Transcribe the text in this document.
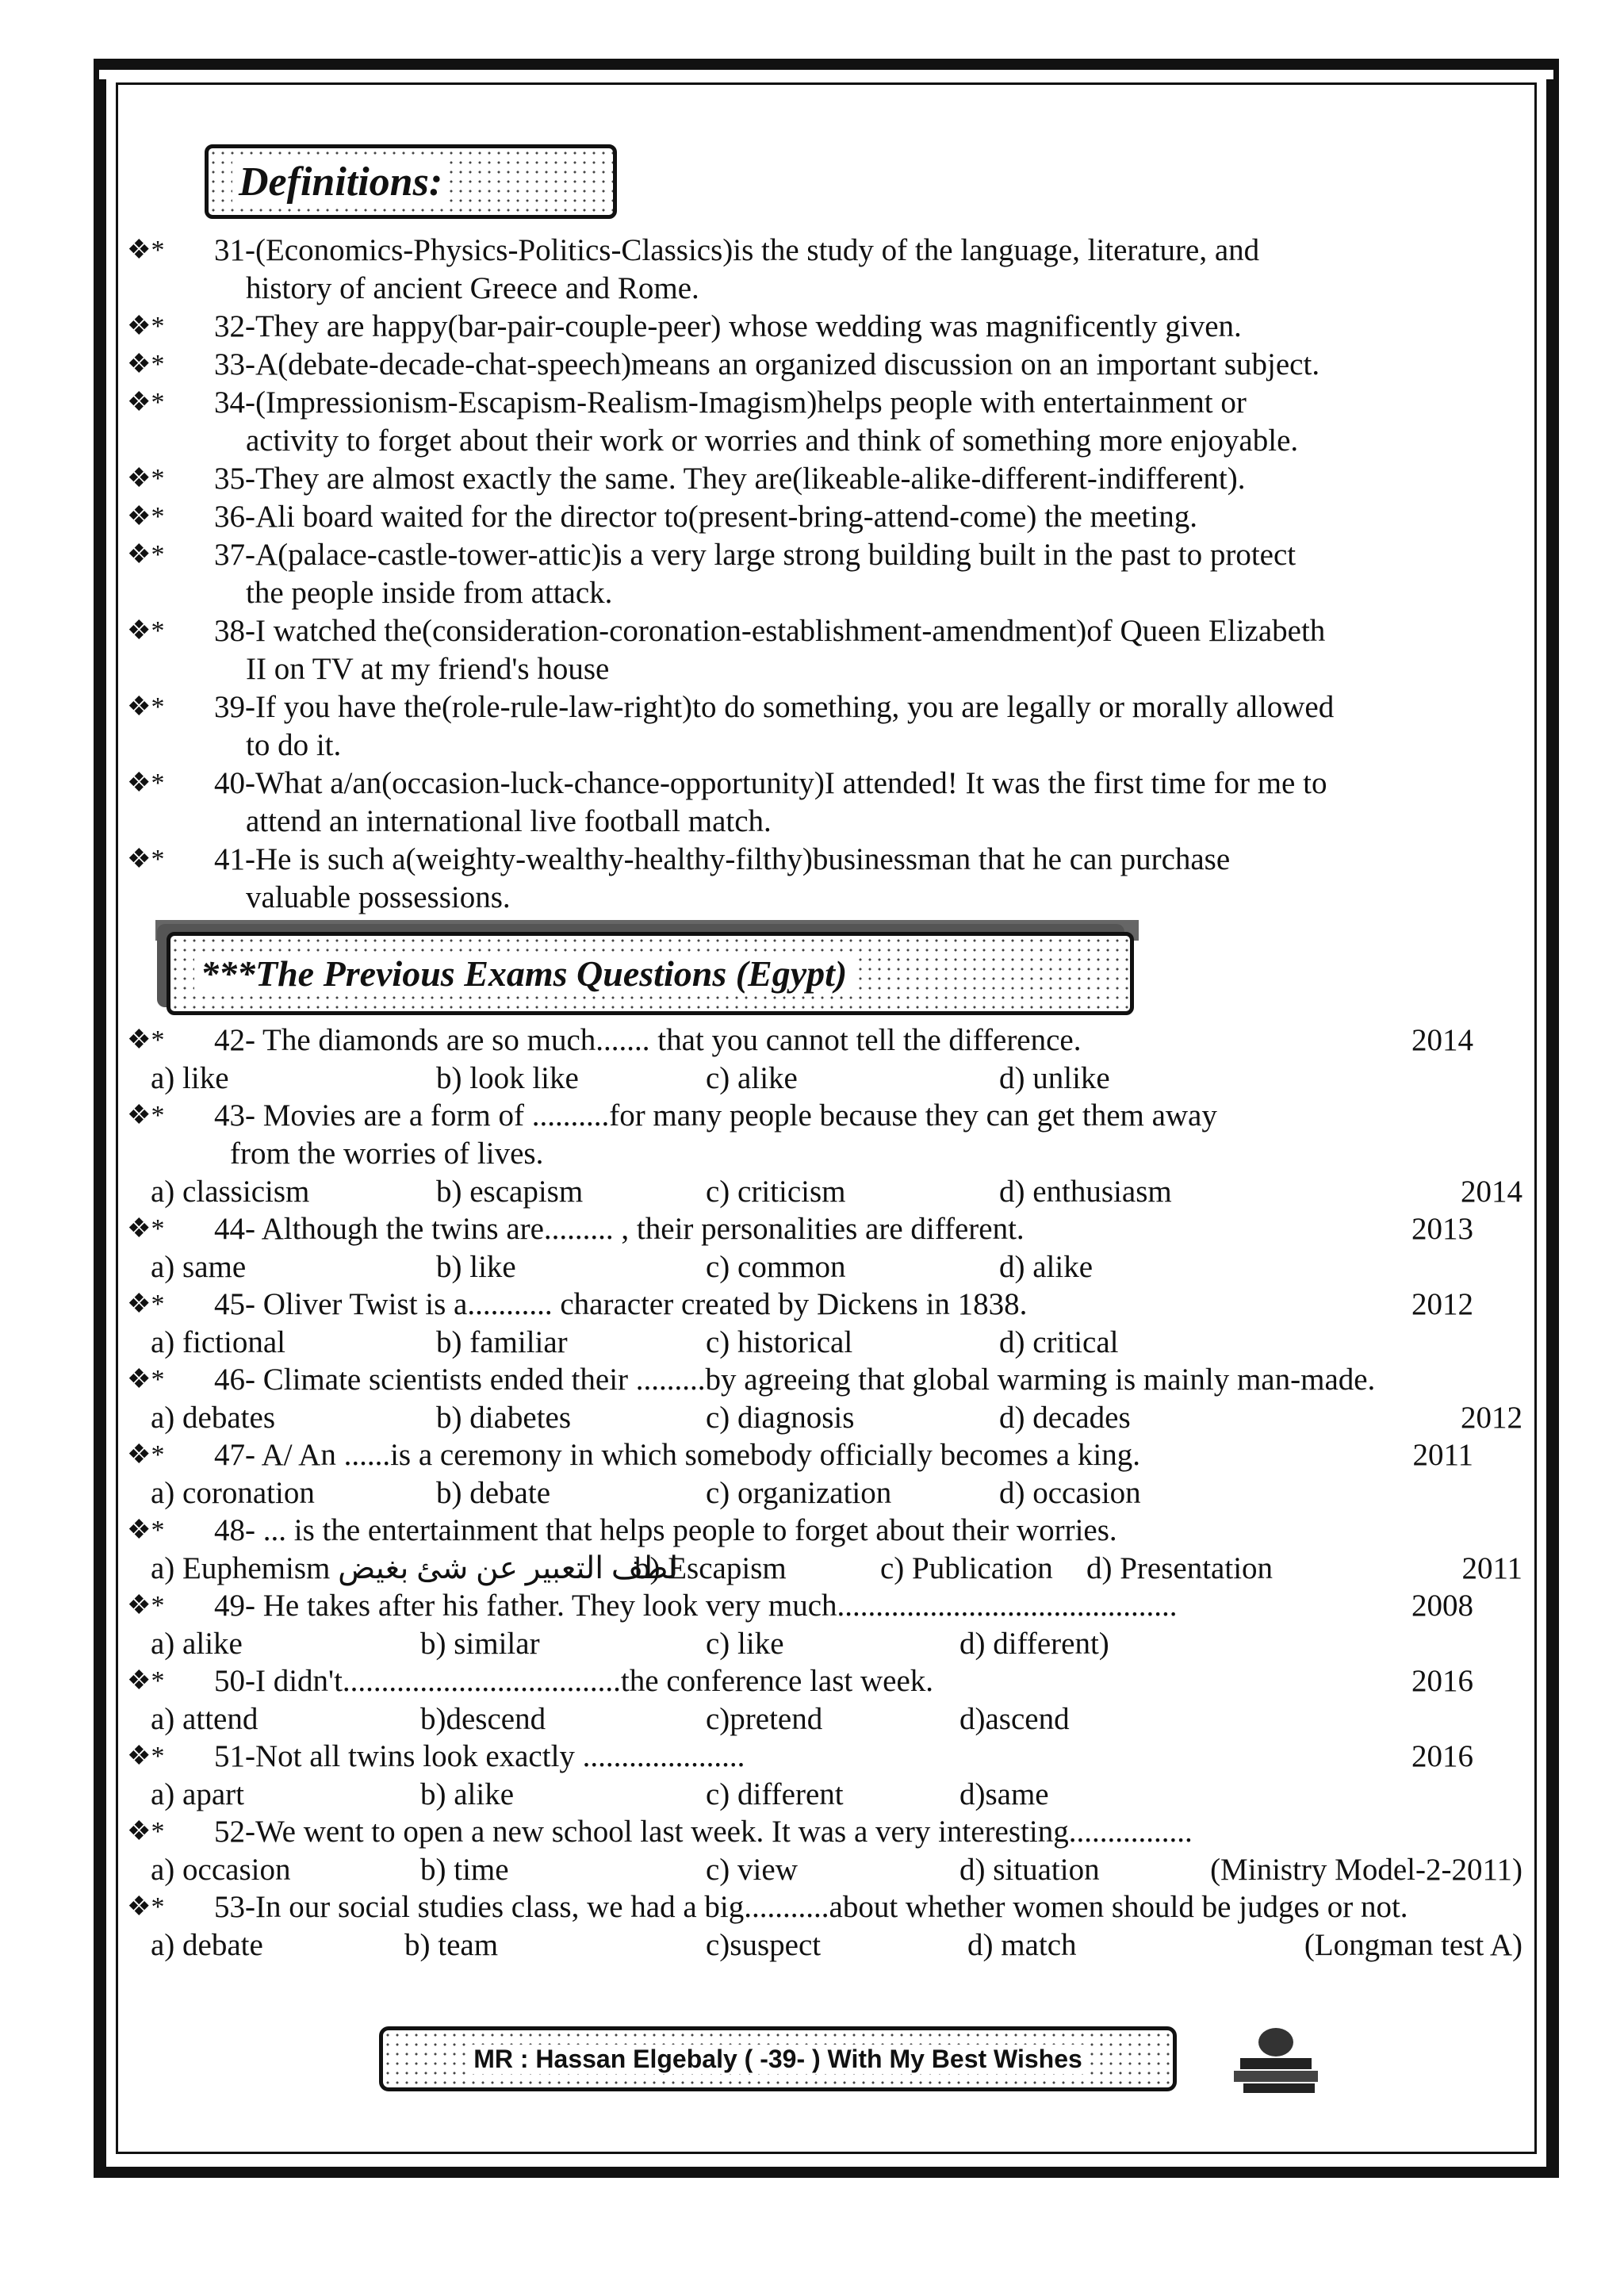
Definitions:
❖*	31-(Economics-Physics-Politics-Classics)is the study of the language, literature, and
history of ancient Greece and Rome.
❖*	32-They are happy(bar-pair-couple-peer) whose wedding was magnificently given.
❖*	33-A(debate-decade-chat-speech)means an organized discussion on an important subject.
❖*	34-(Impressionism-Escapism-Realism-Imagism)helps people with entertainment or
activity to forget about their work or worries and think of something more enjoyable.
❖*	35-They are almost exactly the same. They are(likeable-alike-different-indifferent).
❖*	36-Ali board waited for the director to(present-bring-attend-come) the meeting.
❖*	37-A(palace-castle-tower-attic)is a very large strong building built in the past to protect
the people inside from attack.
❖*	38-I watched the(consideration-coronation-establishment-amendment)of Queen Elizabeth
II on TV at my friend's house
❖*	39-If you have the(role-rule-law-right)to do something, you are legally or morally allowed
to do it.
❖*	40-What a/an(occasion-luck-chance-opportunity)I attended! It was the first time for me to
attend an international live football match.
❖*	41-He is such a(weighty-wealthy-healthy-filthy)businessman that he can purchase
valuable possessions.
***The Previous Exams Questions (Egypt)
❖*	42- The diamonds are so much....... that you cannot tell the difference.	2014
a) like	b) look like	c) alike	d) unlike
❖*	43- Movies are a form of ..........for many people because they can get them away
from the worries of lives.
a) classicism	b) escapism	c) criticism	d) enthusiasm	2014
❖*	44- Although the twins are......... , their personalities are different.	2013
a) same	b) like	c) common	d) alike
❖*	45- Oliver Twist is a........... character created by Dickens in 1838.	2012
a) fictional	b) familiar	c) historical	d) critical
❖*	46- Climate scientists ended their .........by agreeing that global warming is mainly man-made.
a) debates	b) diabetes	c) diagnosis	d) decades	2012
❖*	47- A/ An ......is a ceremony in which somebody officially becomes a king.	2011
a) coronation	b) debate	c) organization	d) occasion
❖*	48- ... is the entertainment that helps people to forget about their worries.
a) Euphemism لطف التعبير عن شئ بغيض
b) Escapism	c) Publication d) Presentation	2011
❖*	49- He takes after his father. They look very much............................................	2008
a) alike	b) similar	c) like	d) different)
❖*	50-I didn't....................................the conference last week.	2016
a) attend	b)descend	c)pretend	d)ascend
❖*	51-Not all twins look exactly .....................	2016
a) apart	b) alike	c) different	d)same
❖*	52-We went to open a new school last week. It was a very interesting................
a) occasion	b) time	c) view	d) situation	(Ministry Model-2-2011)
❖*	53-In our social studies class, we had a big...........about whether women should be judges or not.
a) debate	b) team	c)suspect	d) match	(Longman test A)
MR : Hassan Elgebaly ( -39- ) With My Best Wishes
